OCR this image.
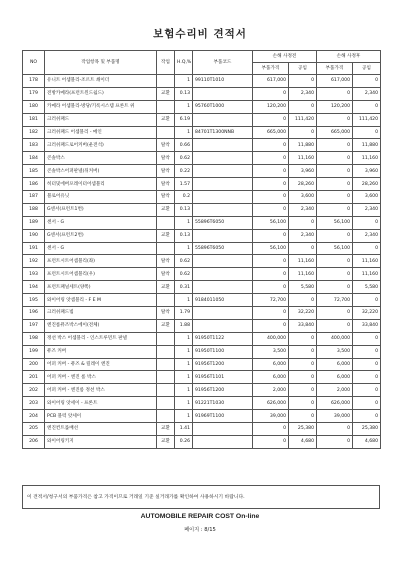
보험수리비 견적서
NO	작업항목 및 부품명	작업	H.Q,%	부품코드	손해 사정전		손해 사정후	
					부품가격	공임	부품가격	공임
178	유니트 어셈블리-조르트 쇄이더		1	99110T1010	617,000	0	617,000	0
179	전방카메라(프런트윈드쉴드)	교환	0.13		0	2,340	0	2,340
180	카메라 어셈블리-방당/기록시스템 프론트 위		1	95760T1000	120,200	0	120,200	0
181	크러쉬패드	교환	6.19		0	111,420	0	111,420
182	크러쉬패드 어셈블리 - 메인		1	84701T1300NNB	665,000	0	665,000	0
183	크러쉬패드로어커버(운전석)	탈착	0.66		0	11,880	0	11,880
184	콘솔박스	탈착	0.62		0	11,160	0	11,160
185	콘솔박스어퍼판넬(뒤커버)	탈착	0.22		0	3,960	0	3,960
186	히터및에버포레이터어셈블리	탈착	1.57		0	28,260	0	28,260
187	블로어유닛	탈착	0.2		0	3,600	0	3,600
188	G센서(프런트1번)	교환	0.13		0	2,340	0	2,340
189	센서 - G		1	55896T6050	56,100	0	56,100	0
190	G센서(프런트2번)	교환	0.13		0	2,340	0	2,340
191	센서 - G		1	55896T6050	56,100	0	56,100	0
192	프런트시트어셈블리(좌)	탈착	0.62		0	11,160	0	11,160
193	프런트시트어셈블리(우)	탈착	0.62		0	11,160	0	11,160
194	프런트패널세트(양쪽)	교환	0.31		0	5,580	0	5,580
195	와이어링 앗셈블리 - F E M		1	9184011050	72,700	0	72,700	0
196	크러쉬패드빔	탈착	1.79		0	32,220	0	32,220
197	엔진룸퓨즈박스에이(전체)	교환	1.88		0	33,840	0	33,840
198	정션 박스 어셈블리 - 인스트루먼트 판넬		1	91950T1122	400,000	0	400,000	0
199	퓨즈 커버		1	91950T1100	3,500	0	3,500	0
200	어퍼 커버 - 퓨즈 & 릴레이 엔진		1	91956T1200	6,000	0	6,000	0
201	어퍼 커버 - 엔진 룸 박스		1	91956T1101	6,000	0	6,000	0
202	어퍼 커버 - 엔진룸 정션 박스		1	91956T1200	2,000	0	2,000	0
203	와이어링 앗세이 - 프론트		1	91221T1030	626,000	0	626,000	0
204	PCB 블럭 앗세이		1	91969T1100	39,000	0	39,000	0
205	엔진컨트롤배선	교환	1.41		0	25,380	0	25,380
206	와이어링키지	교환	0.26		0	4,680	0	4,680
이 견적서/청구서의 부품가격은 참고 가격이므로 거래일 기준 실거래가를 확인하여 사용하시기 바랍니다.
AUTOMOBILE REPAIR COST On-line
페이지 : 8/15
